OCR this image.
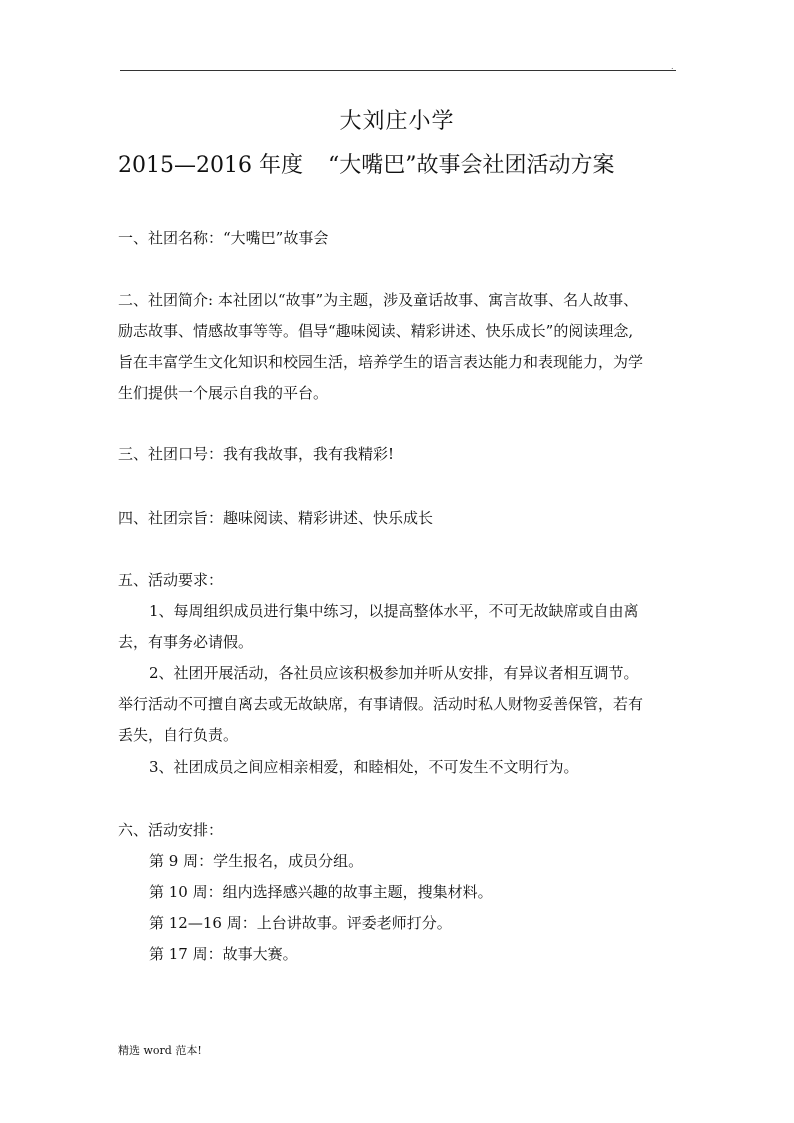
.
大刘庄小学
2015—2016 年度 “大嘴巴”故事会社团活动方案
一、社团名称：“大嘴巴”故事会
二、社团简介: 本社团以“故事”为主题，涉及童话故事、寓言故事、名人故事、
励志故事、情感故事等等。倡导“趣味阅读、精彩讲述、快乐成长”的阅读理念,
旨在丰富学生文化知识和校园生活，培养学生的语言表达能力和表现能力，为学
生们提供一个展示自我的平台。
三、社团口号：我有我故事，我有我精彩!
四、社团宗旨：趣味阅读、精彩讲述、快乐成长
五、活动要求：
1、每周组织成员进行集中练习，以提高整体水平，不可无故缺席或自由离
去，有事务必请假。
2、社团开展活动，各社员应该积极参加并听从安排，有异议者相互调节。
举行活动不可擅自离去或无故缺席，有事请假。活动时私人财物妥善保管，若有
丢失，自行负责。
3、社团成员之间应相亲相爱，和睦相处，不可发生不文明行为。
六、活动安排：
第 9 周：学生报名，成员分组。
第 10 周：组内选择感兴趣的故事主题，搜集材料。
第 12—16 周：上台讲故事。评委老师打分。
第 17 周：故事大赛。
精选 word 范本!
